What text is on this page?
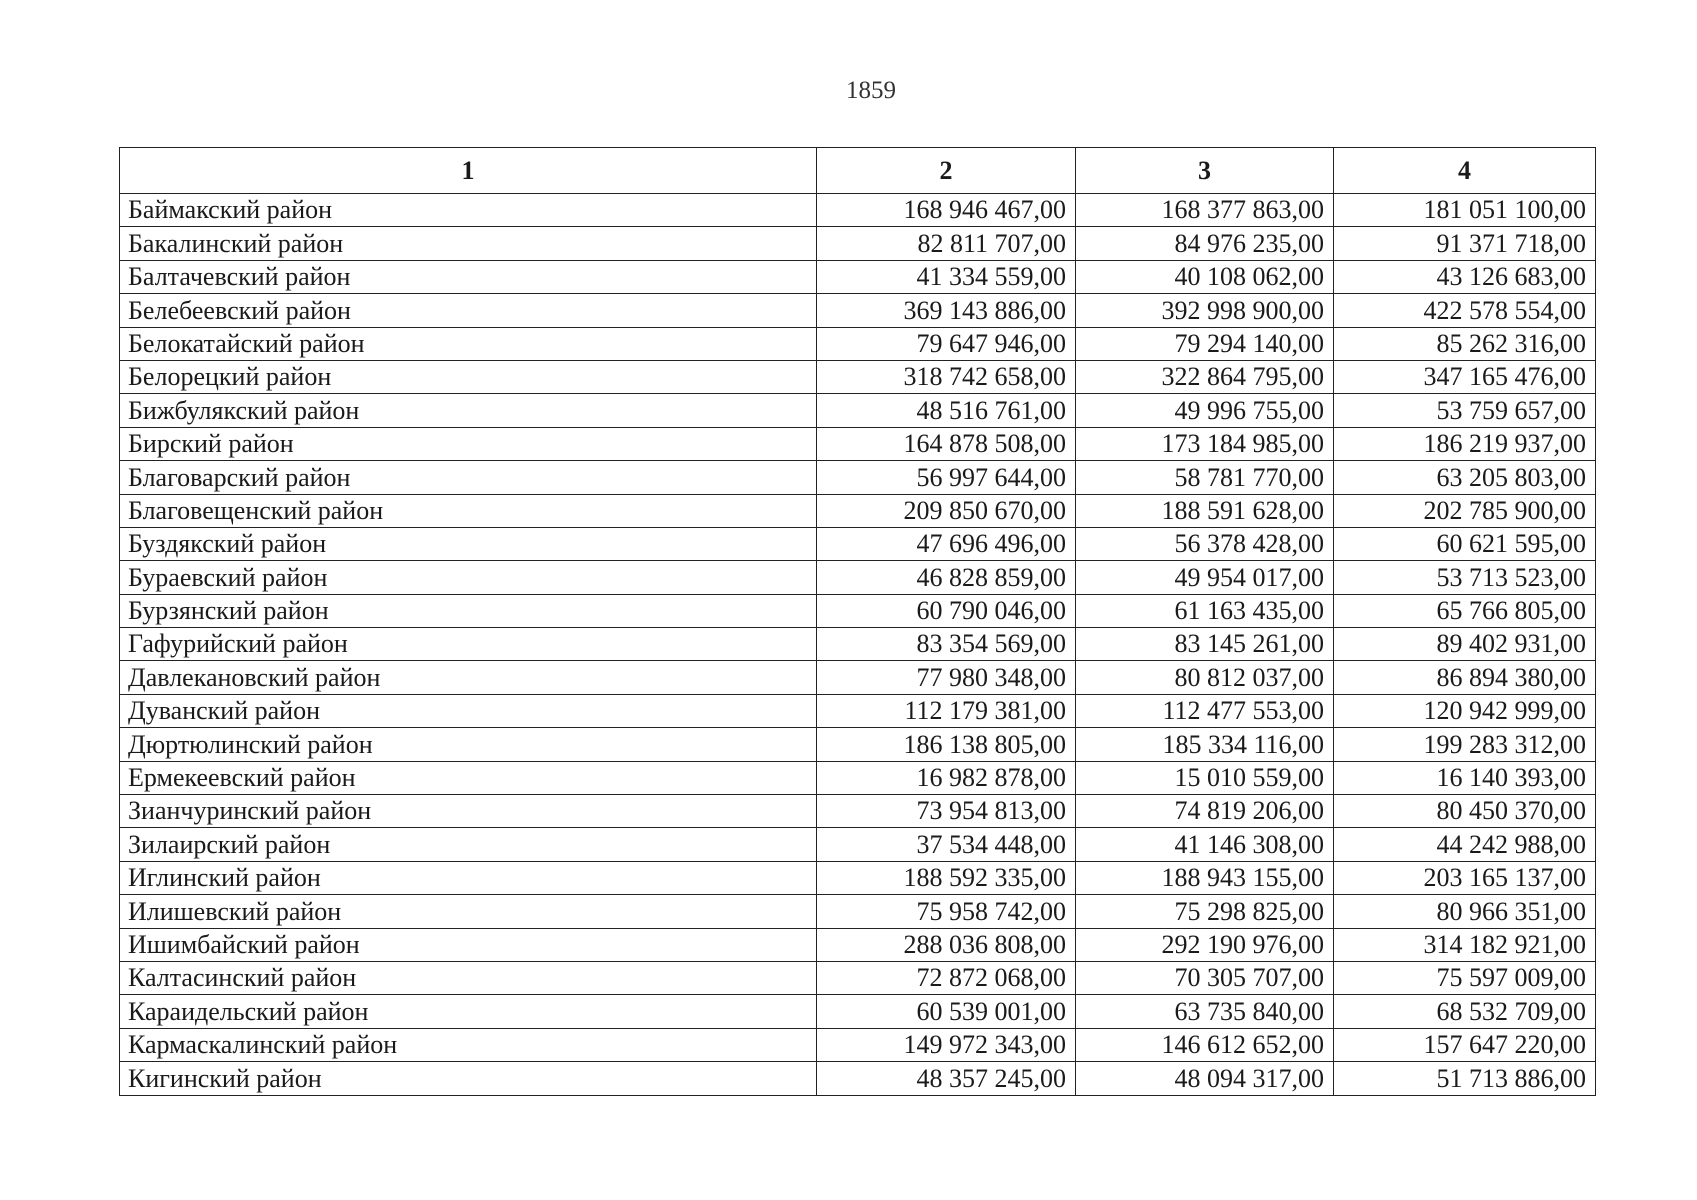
1859
1	2	3	4
Баймакский район	168 946 467,00	168 377 863,00	181 051 100,00
Бакалинский район	82 811 707,00	84 976 235,00	91 371 718,00
Балтачевский район	41 334 559,00	40 108 062,00	43 126 683,00
Белебеевский район	369 143 886,00	392 998 900,00	422 578 554,00
Белокатайский район	79 647 946,00	79 294 140,00	85 262 316,00
Белорецкий район	318 742 658,00	322 864 795,00	347 165 476,00
Бижбулякский район	48 516 761,00	49 996 755,00	53 759 657,00
Бирский район	164 878 508,00	173 184 985,00	186 219 937,00
Благоварский район	56 997 644,00	58 781 770,00	63 205 803,00
Благовещенский район	209 850 670,00	188 591 628,00	202 785 900,00
Буздякский район	47 696 496,00	56 378 428,00	60 621 595,00
Бураевский район	46 828 859,00	49 954 017,00	53 713 523,00
Бурзянский район	60 790 046,00	61 163 435,00	65 766 805,00
Гафурийский район	83 354 569,00	83 145 261,00	89 402 931,00
Давлекановский район	77 980 348,00	80 812 037,00	86 894 380,00
Дуванский район	112 179 381,00	112 477 553,00	120 942 999,00
Дюртюлинский район	186 138 805,00	185 334 116,00	199 283 312,00
Ермекеевский район	16 982 878,00	15 010 559,00	16 140 393,00
Зианчуринский район	73 954 813,00	74 819 206,00	80 450 370,00
Зилаирский район	37 534 448,00	41 146 308,00	44 242 988,00
Иглинский район	188 592 335,00	188 943 155,00	203 165 137,00
Илишевский район	75 958 742,00	75 298 825,00	80 966 351,00
Ишимбайский район	288 036 808,00	292 190 976,00	314 182 921,00
Калтасинский район	72 872 068,00	70 305 707,00	75 597 009,00
Караидельский район	60 539 001,00	63 735 840,00	68 532 709,00
Кармаскалинский район	149 972 343,00	146 612 652,00	157 647 220,00
Кигинский район	48 357 245,00	48 094 317,00	51 713 886,00
